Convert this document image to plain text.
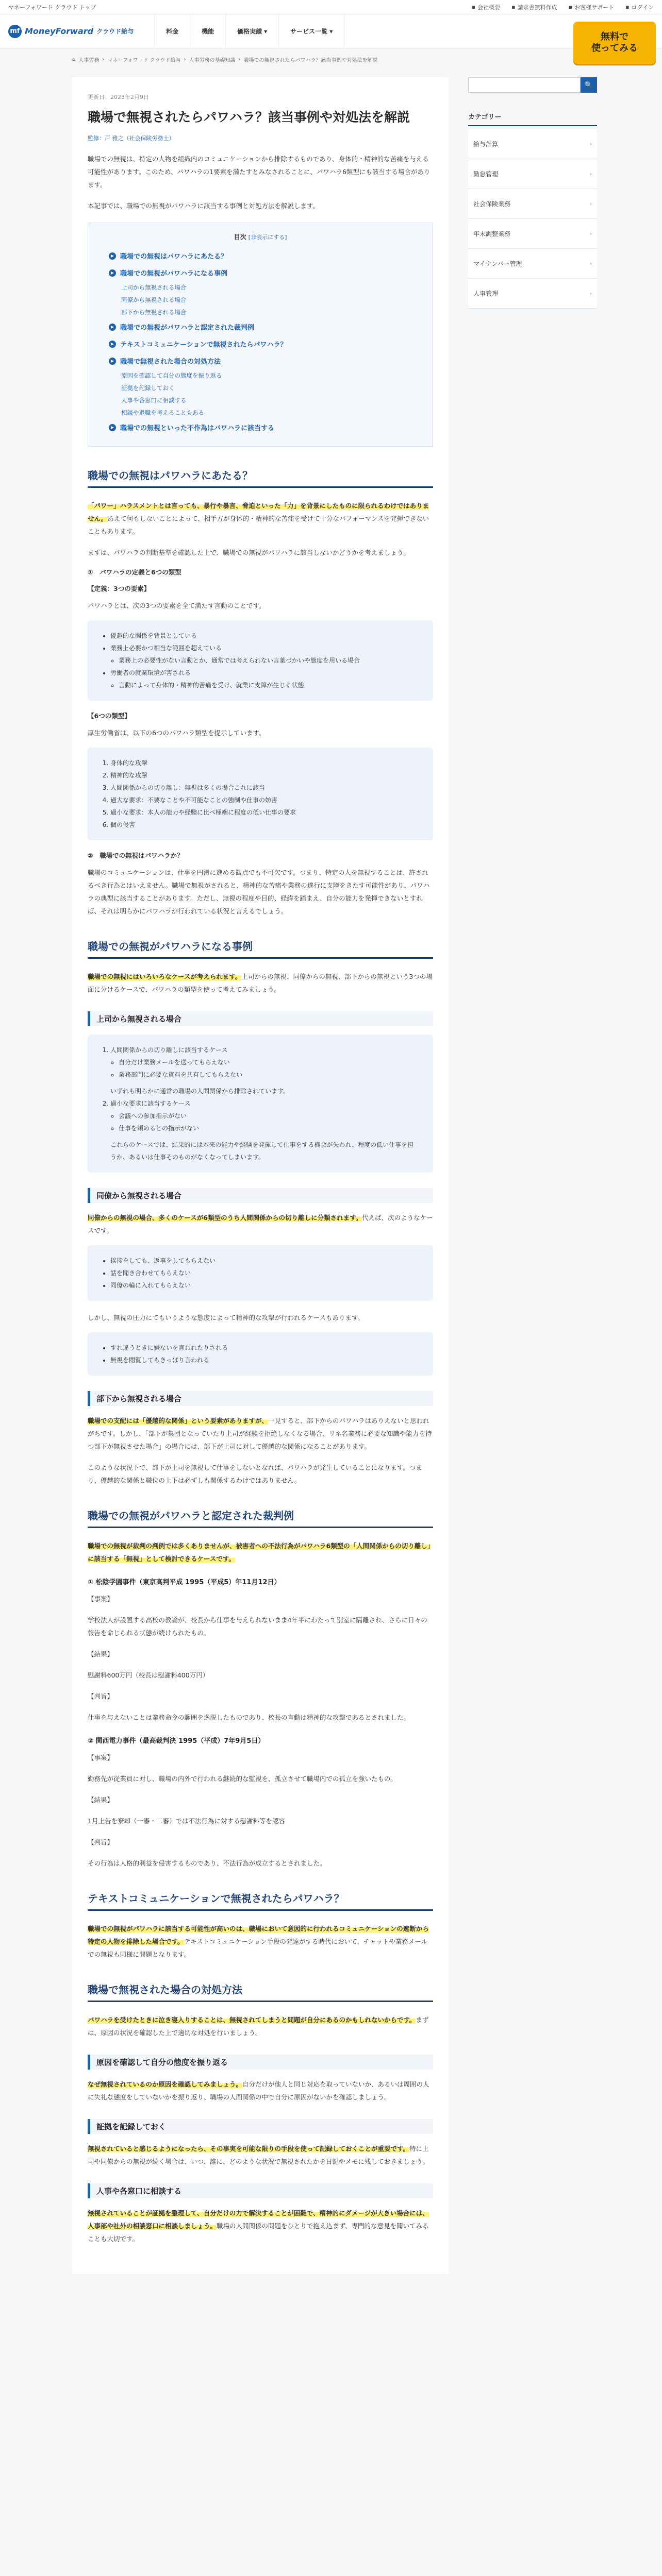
マネーフォワード クラウド トップ	▪ 会社概要 ▪ 請求書無料作成 ▪ お客様サポート ▪ ログイン
mf MoneyForward クラウド給与	料金	機能	価格実績 ▾	サービス一覧 ▾	無料で
使ってみる
⌂ 人事労務 › マネーフォワード クラウド給与 › 人事労務の基礎知識 › 職場での無視されたらパワハラ？該当事例や対処法を解説
更新日：2023年2月9日
職場で無視されたらパワハラ？該当事例や対処法を解説
監修：戸 雅之（社会保険労務士）

職場での無視は、特定の人物を組織内のコミュニケーションから排除するものであり、身体的・精神的な苦痛を与える可能性があります。このため、パワハラの1要素を満たすとみなされることに、パワハラ6類型にも該当する場合があります。

本記事では、職場での無視がパワハラに該当する事例と対処方法を解説します。

目次 [非表示にする]
▶ 職場での無視はパワハラにあたる？
▶ 職場での無視がパワハラになる事例
上司から無視される場合
同僚から無視される場合
部下から無視される場合
▶ 職場での無視がパワハラと認定された裁判例
▶ テキストコミュニケーションで無視されたらパワハラ？
▶ 職場で無視された場合の対処方法
原因を確認して自分の態度を振り返る
証拠を記録しておく
人事や各窓口に相談する
相談や退職を考えることもある
▶ 職場での無視といった不作為はパワハラに該当する
職場での無視はパワハラにあたる？

「パワー」ハラスメントとは言っても、暴行や暴言、脅迫といった「力」を背景にしたものに限られるわけではありません。あえて何もしないことによって、相手方が身体的・精神的な苦痛を受けて十分なパフォーマンスを発揮できないこともあります。

まずは、パワハラの判断基準を確認した上で、職場での無視がパワハラに該当しないかどうかを考えましょう。

①　パワハラの定義と6つの類型

【定義：3つの要素】

パワハラとは、次の3つの要素を全て満たす言動のことです。

• 優越的な関係を背景としている
• 業務上必要かつ相当な範囲を超えている
◦ 業務上の必要性がない言動とか、通常では考えられない言葉づかいや態度を用いる場合
• 労働者の就業環境が害される
◦ 言動によって身体的・精神的苦痛を受け、就業に支障が生じる状態

【6つの類型】

厚生労働省は、以下の6つのパワハラ類型を提示しています。

1. 身体的な攻撃
2. 精神的な攻撃
3. 人間関係からの切り離し：無視は多くの場合これに該当
4. 過大な要求：不要なことや不可能なことの強制や仕事の妨害
5. 過小な要求：本人の能力や経験に比べ極端に程度の低い仕事の要求
6. 個の侵害

②　職場での無視はパワハラか？

職場のコミュニケーションは、仕事を円滑に進める観点でも不可欠です。つまり、特定の人を無視することは、許されるべき行為とはいえません。職場で無視がされると、精神的な苦痛や業務の遂行に支障をきたす可能性があり、パワハラの典型に該当することがあります。ただし、無視の程度や目的、経緯を踏まえ、自分の能力を発揮できないとすれば、それは明らかにパワハラが行われている状況と言えるでしょう。

職場での無視がパワハラになる事例

職場での無視にはいろいろなケースが考えられます。上司からの無視、同僚からの無視、部下からの無視という3つの場面に分けるケースで、パワハラの類型を使って考えてみましょう。

上司から無視される場合
1. 人間関係からの切り離しに該当するケース
◦ 自分だけ業務メールを送ってもらえない
◦ 業務部門に必要な資料を共有してもらえない

いずれも明らかに通常の職場の人間関係から排除されています。

2. 過小な要求に該当するケース
◦ 会議への参加指示がない
◦ 仕事を頼めるとの指示がない

これらのケースでは、結果的には本来の能力や経験を発揮して仕事をする機会が失われ、程度の低い仕事を担うか、あるいは仕事そのものがなくなってしまいます。

同僚から無視される場合

同僚からの無視の場合、多くのケースが6類型のうち人間関係からの切り離しに分類されます。代えば、次のようなケースです。

• 挨拶をしても、返事をしてもらえない
• 話を聞き合わせてもらえない
• 同僚の輪に入れてもらえない

しかし、無視の圧力にてもいうような態度によって精神的な攻撃が行われるケースもあります。

• すれ違うときに嫌ないを言われたりされる
• 無視を閲覧してもきっぱり言われる
部下から無視される場合

職場での支配には「優越的な関係」という要素がありますが、一見すると、部下からのパワハラはありえないと思われがちです。しかし、「部下が集団となっていたり上司が経験を拒絶しなくなる場合、リネ名業務に必要な知識や能力を持つ部下が無視させた場合」の場合には、部下が上司に対して優越的な関係になることがあります。

このような状況下で、部下が上司を無視して仕事をしないとなれば、パワハラが発生していることになります。つまり、優越的な関係と職位の上下は必ずしも関係するわけではありません。

職場での無視がパワハラと認定された裁判例

職場での無視が裁判の判例では多くありませんが、被害者への不法行為がパワハラ6類型の「人間関係からの切り離し」に該当する「無視」として検討できるケースです。

① 松陰学園事件（東京高判平成 1995（平成5）年11月12日）

【事案】

学校法人が設置する高校の教諭が、校長から仕事を与えられないまま4年半にわたって別室に隔離され、さらに日々の報告を命じられる状態が続けられたもの。

【結果】

慰謝料600万円（校長は慰謝料400万円）

【判旨】

仕事を与えないことは業務命令の範囲を逸脱したものであり、校長の言動は精神的な攻撃であるとされました。

② 関西電力事件（最高裁判決 1995（平成）7年9月5日）

【事案】

勤務先が従業員に対し、職場の内外で行われる継続的な監視を、孤立させて職場内での孤立を強いたもの。

【結果】

1月上告を棄却（一審・二審）では不法行為に対する慰謝料等を認容

【判旨】

その行為は人格的利益を侵害するものであり、不法行為が成立するとされました。

テキストコミュニケーションで無視されたらパワハラ？

職場での無視がパワハラに該当する可能性が高いのは、職場において意図的に行われるコミュニケーションの遮断から特定の人物を排除した場合です。テキストコミュニケーション手段の発達がする時代において、チャットや業務メールでの無視も同様に問題となります。

職場で無視された場合の対処方法

パワハラを受けたときに泣き寝入りすることは、無視されてしまうと問題が自分にあるのかもしれないからです。まずは、原因の状況を確認した上で適切な対処を行いましょう。

原因を確認して自分の態度を振り返る

なぜ無視されているのか原因を確認してみましょう。自分だけが他人と同じ対応を取っていないか、あるいは周囲の人に失礼な態度をしていないかを振り返り、職場の人間関係の中で自分に原因がないかを確認しましょう。

証拠を記録しておく

無視されていると感じるようになったら、その事実を可能な限りの手段を使って記録しておくことが重要です。特に上司や同僚からの無視が続く場合は、いつ、誰に、どのような状況で無視されたかを日記やメモに残しておきましょう。

人事や各窓口に相談する

無視されていることが証拠を整理して、自分だけの力で解決することが困難で、精神的にダメージが大きい場合には、人事部や社外の相談窓口に相談しましょう。職場の人間関係の問題をひとりで抱え込まず、専門的な意見を聞いてみることも大切です。

🔍
カテゴリー
給与計算	›
勤怠管理	›
社会保険業務	›
年末調整業務	›
マイナンバー管理	›
人事管理	›
